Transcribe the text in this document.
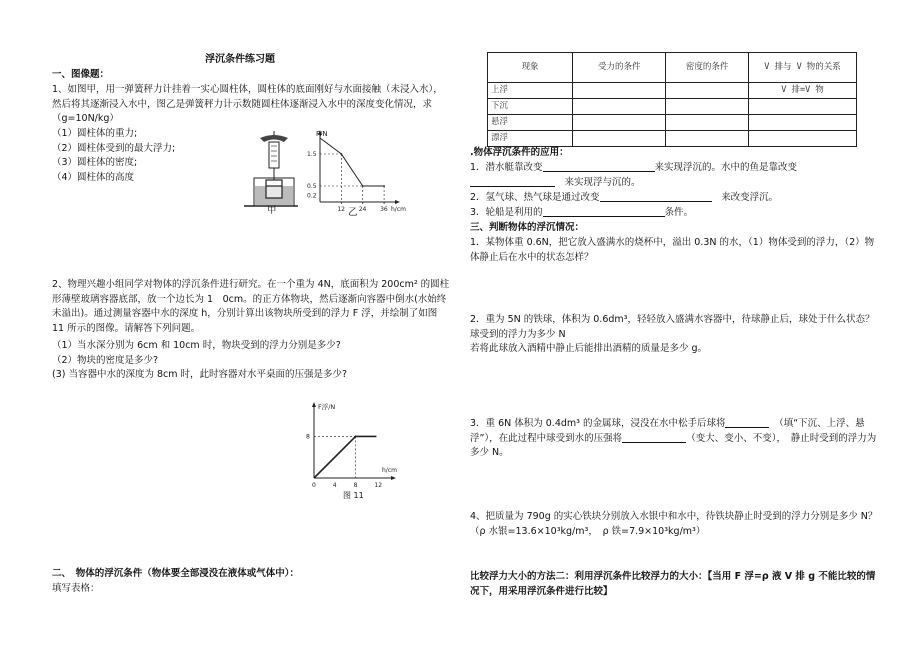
浮沉条件练习题
一、图像题：
1、如图甲，用一弹簧秤力计挂着一实心圆柱体，圆柱体的底面刚好与水面接触（未浸入水），然后将其逐渐浸入水中，图乙是弹簧秤力计示数随圆柱体逐渐浸入水中的深度变化情况，求（g=10N/kg）
（1）圆柱体的重力;
（2）圆柱体受到的最大浮力;
（3）圆柱体的密度;
（4）圆柱体的高度
甲
F/N
h/cm
12 24 36
1.5
0.5
0.2
乙
2、物理兴趣小组同学对物体的浮沉条件进行研究。在一个重为 4N，底面积为 200cm² 的圆柱形薄壁玻璃容器底部，放一个边长为 1　0cm。的正方体物块，然后逐渐向容器中倒水(水始终未溢出)。通过测量容器中水的深度 h，分别计算出该物块所受到的浮力 F 浮，并绘制了如图 11 所示的图像。请解答下列问题。
（1）当水深分别为 6cm 和 10cm 时，物块受到的浮力分别是多少?
（2）物块的密度是多少?
(3) 当容器中水的深度为 8cm 时，此时容器对水平桌面的压强是多少?
F浮/N
h/cm
0	4	8	12
8
图 11
二、　物体的浮沉条件（物体要全部浸没在液体或气体中）：
填写表格：
现象	受力的条件	密度的条件	V 排与 V 物的关系
上浮			V 排=V 物
下沉			
悬浮			
漂浮			
.物体浮沉条件的应用：
1．潜水艇靠改变	来实现浮沉的。水中的鱼是靠改变
　来实现浮与沉的。
2．氢气球、热气球是通过改变　	来改变浮沉。
3．轮船是利用的	条件。
三、判断物体的浮沉情况：
1．某物体重 0.6N，把它放入盛满水的烧杯中，溢出 0.3N 的水，（1）物体受到的浮力，（2）物体静止后在水中的状态怎样？
2．重为 5N 的铁球，体积为 0.6dm³，轻轻放入盛满水容器中，待球静止后，球处于什么状态？球受到的浮力为多少 N
若将此球放入酒精中静止后能排出酒精的质量是多少 g。
3．重 6N 体积为 0.4dm³ 的金属球，浸没在水中松手后球将　	（填“下沉、上浮、悬浮”），在此过程中球受到水的压强将	（变大、变小、不变），　静止时受到的浮力为多少 N。
4、把质量为 790g 的实心铁块分别放入水银中和水中，待铁块静止时受到的浮力分别是多少 N？（ρ 水银=13.6×10³kg/m³，　ρ 铁=7.9×10³kg/m³）
比较浮力大小的方法二：利用浮沉条件比较浮力的大小：【当用 F 浮=ρ 液 V 排 g 不能比较的情况下，用采用浮沉条件进行比较】
